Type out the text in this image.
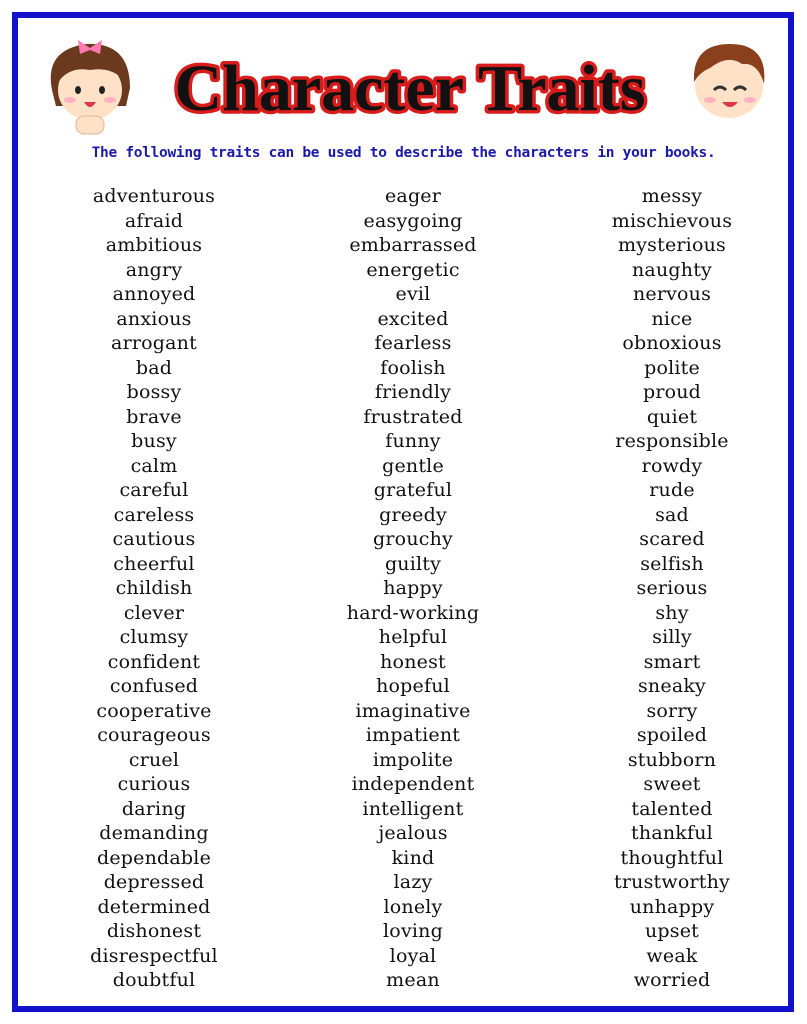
Character Traits
The following traits can be used to describe the characters in your books.
adventurous
afraid
ambitious
angry
annoyed
anxious
arrogant
bad
bossy
brave
busy
calm
careful
careless
cautious
cheerful
childish
clever
clumsy
confident
confused
cooperative
courageous
cruel
curious
daring
demanding
dependable
depressed
determined
dishonest
disrespectful
doubtful
eager
easygoing
embarrassed
energetic
evil
excited
fearless
foolish
friendly
frustrated
funny
gentle
grateful
greedy
grouchy
guilty
happy
hard-working
helpful
honest
hopeful
imaginative
impatient
impolite
independent
intelligent
jealous
kind
lazy
lonely
loving
loyal
mean
messy
mischievous
mysterious
naughty
nervous
nice
obnoxious
polite
proud
quiet
responsible
rowdy
rude
sad
scared
selfish
serious
shy
silly
smart
sneaky
sorry
spoiled
stubborn
sweet
talented
thankful
thoughtful
trustworthy
unhappy
upset
weak
worried
